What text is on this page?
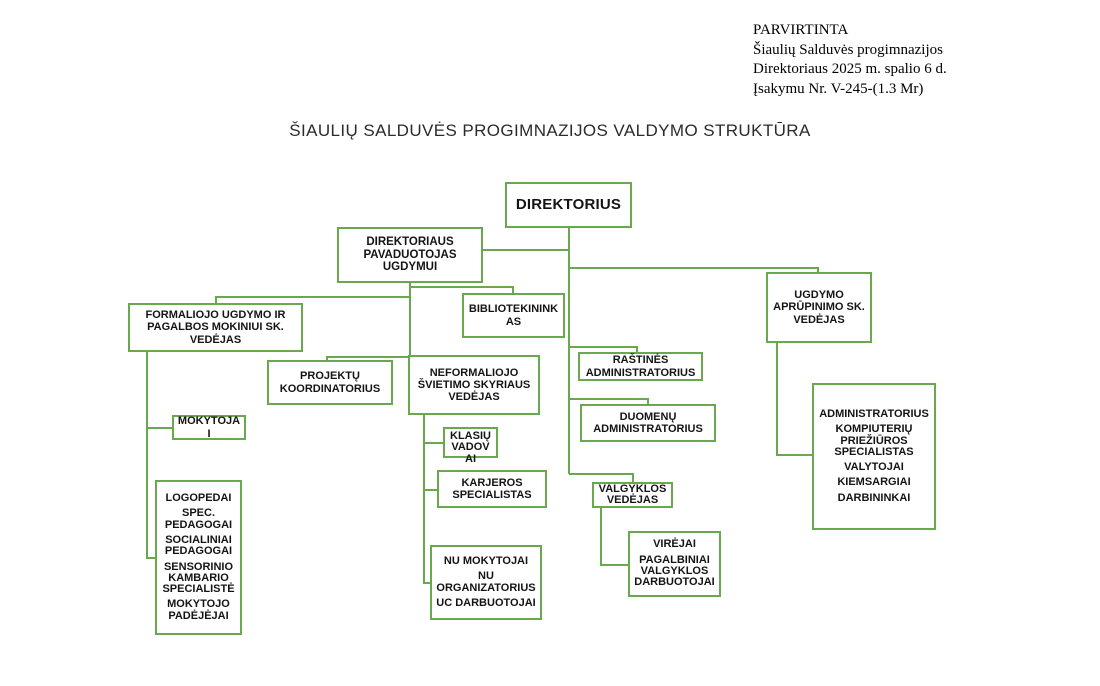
PARVIRTINTA
Šiaulių Salduvės progimnazijos
Direktoriaus 2025 m. spalio 6 d.
Įsakymu Nr. V-245-(1.3 Mr)
ŠIAULIŲ SALDUVĖS PROGIMNAZIJOS VALDYMO STRUKTŪRA
DIREKTORIUS
DIREKTORIAUS PAVADUOTOJAS UGDYMUI
FORMALIOJO UGDYMO IR PAGALBOS MOKINIUI SK. VEDĖJAS
BIBLIOTEKININKAS
PROJEKTŲ KOORDINATORIUS
NEFORMALIOJO ŠVIETIMO SKYRIAUS VEDĖJAS
RAŠTINĖS ADMINISTRATORIUS
DUOMENŲ ADMINISTRATORIUS
UGDYMO APRŪPINIMO SK. VEDĖJAS
MOKYTOJAI
LOGOPEDAI
SPEC. PEDAGOGAI
SOCIALINIAI PEDAGOGAI
SENSORINIO KAMBARIO SPECIALISTĖ
MOKYTOJO PADĖJĖJAI
KLASIŲ VADOVAI
KARJEROS SPECIALISTAS
NU MOKYTOJAI
NU ORGANIZATORIUS
UC DARBUOTOJAI
VALGYKLOS VEDĖJAS
VIRĖJAI
PAGALBINIAI VALGYKLOS DARBUOTOJAI
ADMINISTRATORIUS
KOMPIUTERIŲ PRIEŽIŪROS SPECIALISTAS
VALYTOJAI
KIEMSARGIAI
DARBININKAI
